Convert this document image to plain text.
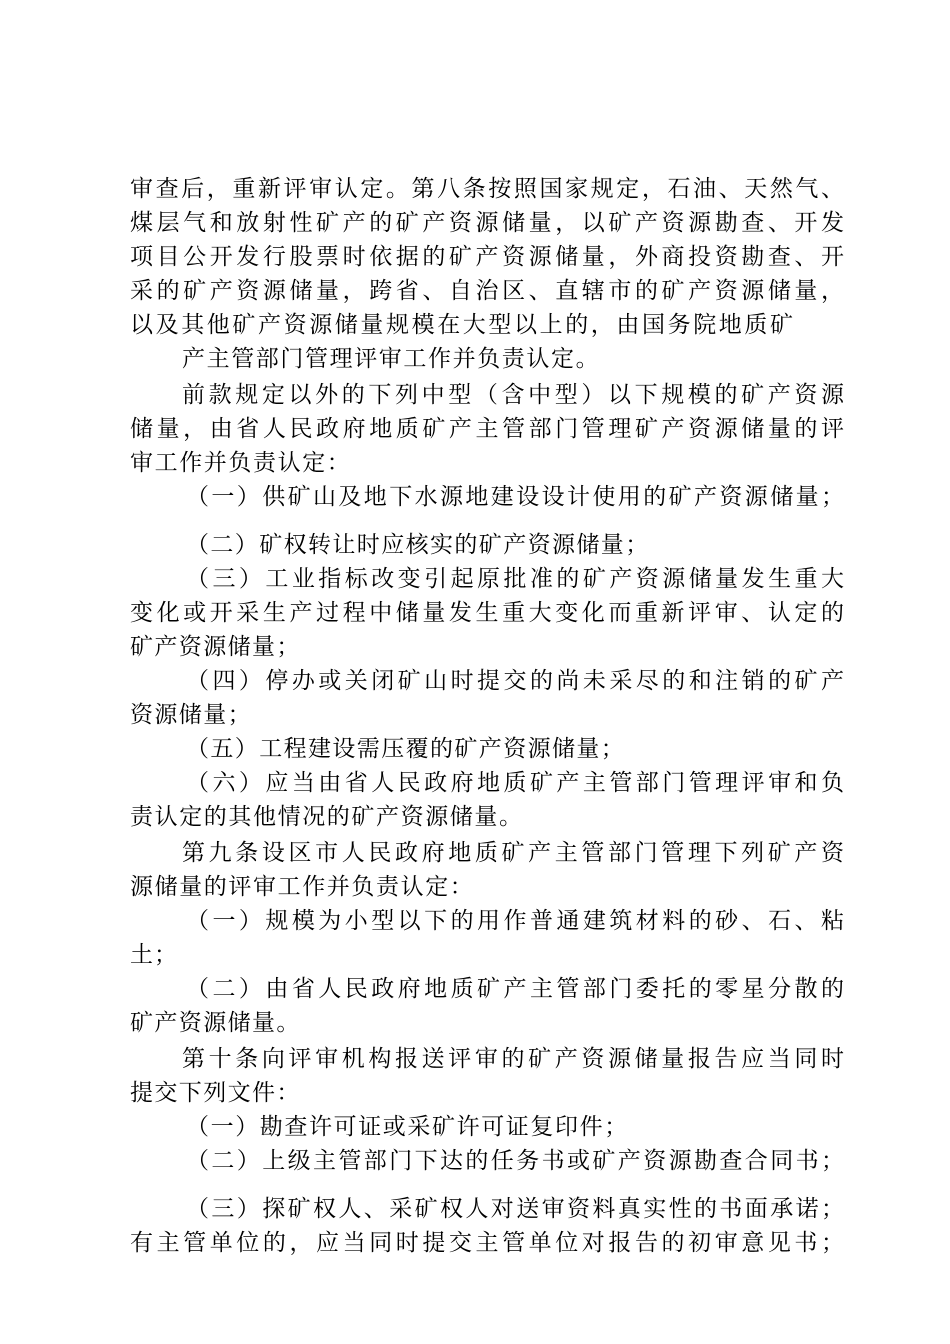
审查后，重新评审认定。第八条按照国家规定，石油、天然气、
煤层气和放射性矿产的矿产资源储量，以矿产资源勘查、开发
项目公开发行股票时依据的矿产资源储量，外商投资勘查、开
采的矿产资源储量，跨省、自治区、直辖市的矿产资源储量，
以及其他矿产资源储量规模在大型以上的，由国务院地质矿
产主管部门管理评审工作并负责认定。
前款规定以外的下列中型（含中型）以下规模的矿产资源
储量，由省人民政府地质矿产主管部门管理矿产资源储量的评
审工作并负责认定：
（一）供矿山及地下水源地建设设计使用的矿产资源储量；
（二）矿权转让时应核实的矿产资源储量；
（三）工业指标改变引起原批准的矿产资源储量发生重大
变化或开采生产过程中储量发生重大变化而重新评审、认定的
矿产资源储量；
（四）停办或关闭矿山时提交的尚未采尽的和注销的矿产
资源储量；
（五）工程建设需压覆的矿产资源储量；
（六）应当由省人民政府地质矿产主管部门管理评审和负
责认定的其他情况的矿产资源储量。
第九条设区市人民政府地质矿产主管部门管理下列矿产资
源储量的评审工作并负责认定：
（一）规模为小型以下的用作普通建筑材料的砂、石、粘
土；
（二）由省人民政府地质矿产主管部门委托的零星分散的
矿产资源储量。
第十条向评审机构报送评审的矿产资源储量报告应当同时
提交下列文件：
（一）勘查许可证或采矿许可证复印件；
（二）上级主管部门下达的任务书或矿产资源勘查合同书；
（三）探矿权人、采矿权人对送审资料真实性的书面承诺；
有主管单位的，应当同时提交主管单位对报告的初审意见书；
